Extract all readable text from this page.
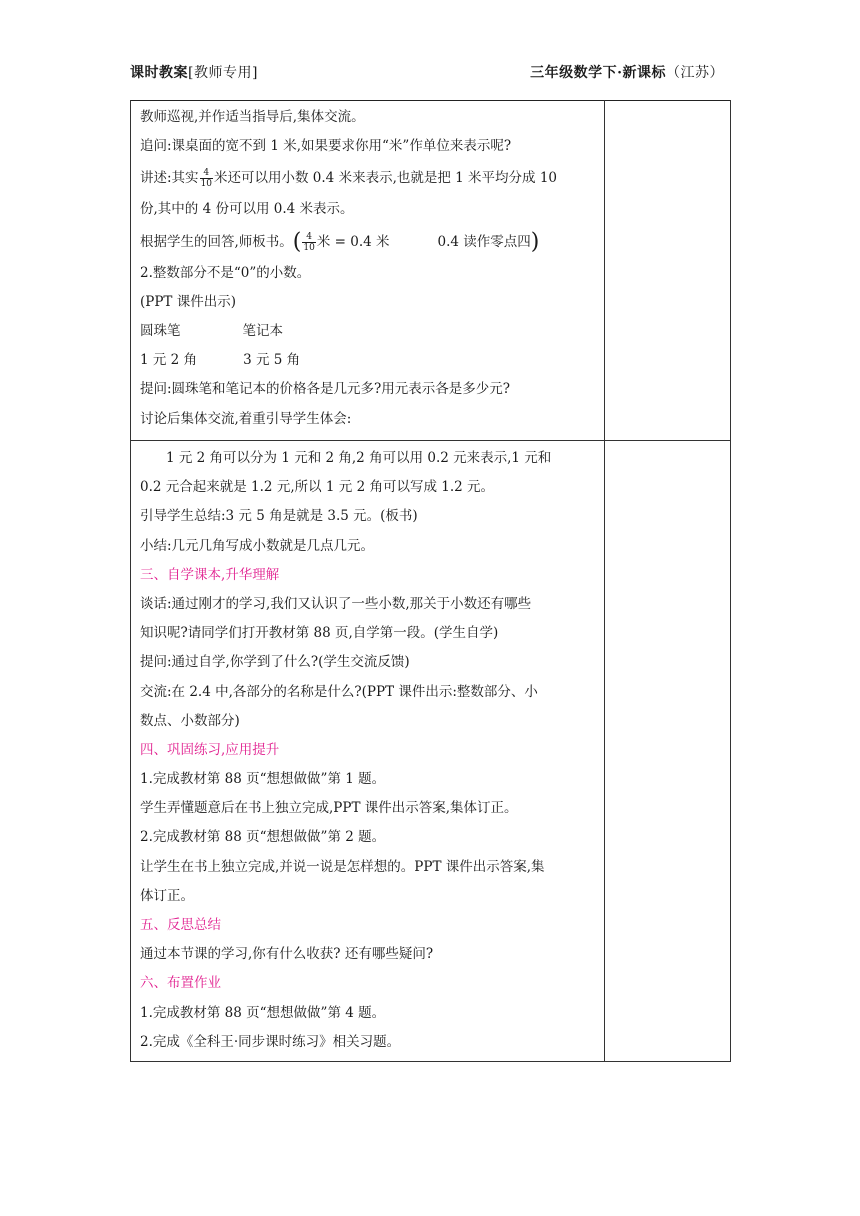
课时教案[教师专用]	三年级数学下·新课标（江苏）
教师巡视,并作适当指导后,集体交流。
追问:课桌面的宽不到 1 米,如果要求你用“米”作单位来表示呢?
讲述:其实 $\frac{4}{10}$ 米还可以用小数 0.4 米来表示,也就是把 1 米平均分成 10
份,其中的 4 份可以用 0.4 米表示。
根据学生的回答,师板书。( $\frac{4}{10}$ 米 = 0.4 米	0.4 读作零点四)
2.整数部分不是“0”的小数。
(PPT 课件出示)
圆珠笔	笔记本
1 元 2 角	3 元 5 角
提问:圆珠笔和笔记本的价格各是几元多?用元表示各是多少元?
讨论后集体交流,着重引导学生体会:
1 元 2 角可以分为 1 元和 2 角,2 角可以用 0.2 元来表示,1 元和
0.2 元合起来就是 1.2 元,所以 1 元 2 角可以写成 1.2 元。
引导学生总结:3 元 5 角是就是 3.5 元。(板书)
小结:几元几角写成小数就是几点几元。
三、自学课本,升华理解
谈话:通过刚才的学习,我们又认识了一些小数,那关于小数还有哪些
知识呢?请同学们打开教材第 88 页,自学第一段。(学生自学)
提问:通过自学,你学到了什么?(学生交流反馈)
交流:在 2.4 中,各部分的名称是什么?(PPT 课件出示:整数部分、小
数点、小数部分)
四、巩固练习,应用提升
1.完成教材第 88 页“想想做做”第 1 题。
学生弄懂题意后在书上独立完成,PPT 课件出示答案,集体订正。
2.完成教材第 88 页“想想做做”第 2 题。
让学生在书上独立完成,并说一说是怎样想的。PPT 课件出示答案,集
体订正。
五、反思总结
通过本节课的学习,你有什么收获? 还有哪些疑问?
六、布置作业
1.完成教材第 88 页“想想做做”第 4 题。
2.完成《全科王·同步课时练习》相关习题。
